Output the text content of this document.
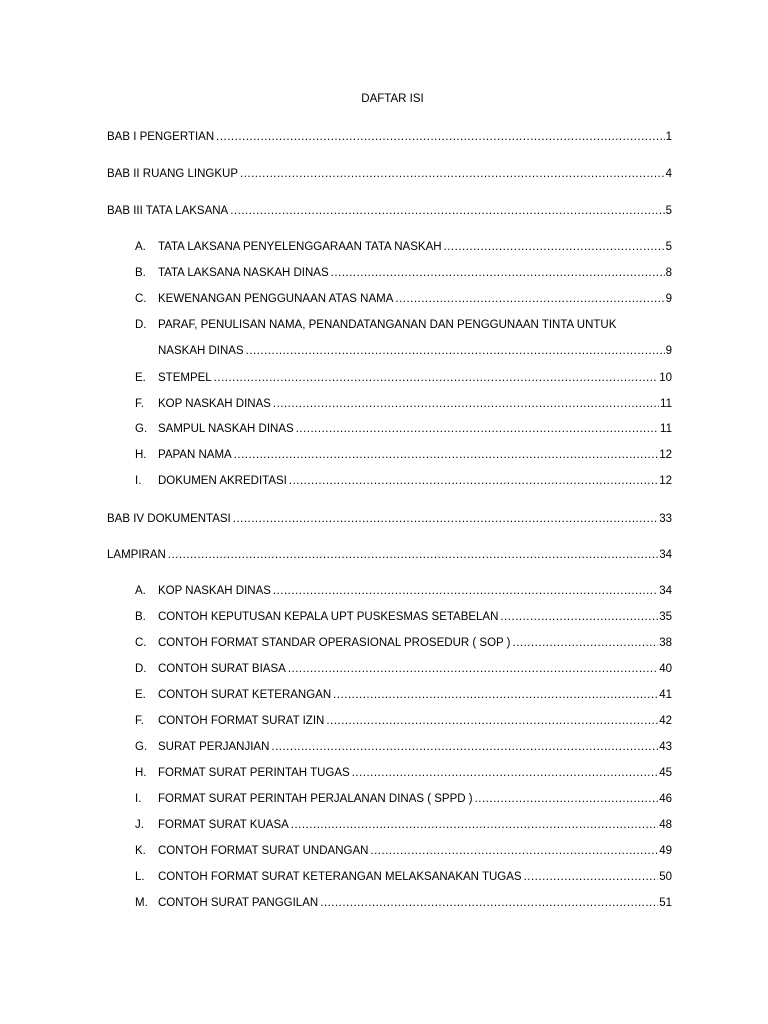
DAFTAR ISI
BAB I PENGERTIAN .....	1
BAB II RUANG LINGKUP .....	4
BAB III TATA LAKSANA .....	5
A.	TATA LAKSANA PENYELENGGARAAN TATA NASKAH .....	5
B.	TATA LAKSANA NASKAH DINAS .....	8
C.	KEWENANGAN PENGGUNAAN ATAS NAMA .....	9
D.	PARAF, PENULISAN NAMA, PENANDATANGANAN DAN PENGGUNAAN TINTA UNTUK
NASKAH DINAS .....	9
E.	STEMPEL .....	10
F.	KOP NASKAH DINAS .....	11
G. SAMPUL NASKAH DINAS .....	11
H.	PAPAN NAMA .....	12
I.	DOKUMEN AKREDITASI .....	12
BAB IV DOKUMENTASI .....	33
LAMPIRAN .....	34
A.	KOP NASKAH DINAS .....	34
B.	CONTOH KEPUTUSAN KEPALA UPT PUSKESMAS SETABELAN .....	35
C.	CONTOH FORMAT STANDAR OPERASIONAL PROSEDUR ( SOP ) .....	38
D.	CONTOH SURAT BIASA .....	40
E.	CONTOH SURAT KETERANGAN .....	41
F.	CONTOH FORMAT SURAT IZIN .....	42
G. SURAT PERJANJIAN .....	43
H.	FORMAT SURAT PERINTAH TUGAS .....	45
I.	FORMAT SURAT PERINTAH PERJALANAN DINAS ( SPPD ) .....	46
J.	FORMAT SURAT KUASA .....	48
K.	CONTOH FORMAT SURAT UNDANGAN .....	49
L.	CONTOH FORMAT SURAT KETERANGAN MELAKSANAKAN TUGAS .....	50
M. CONTOH SURAT PANGGILAN .....	51
